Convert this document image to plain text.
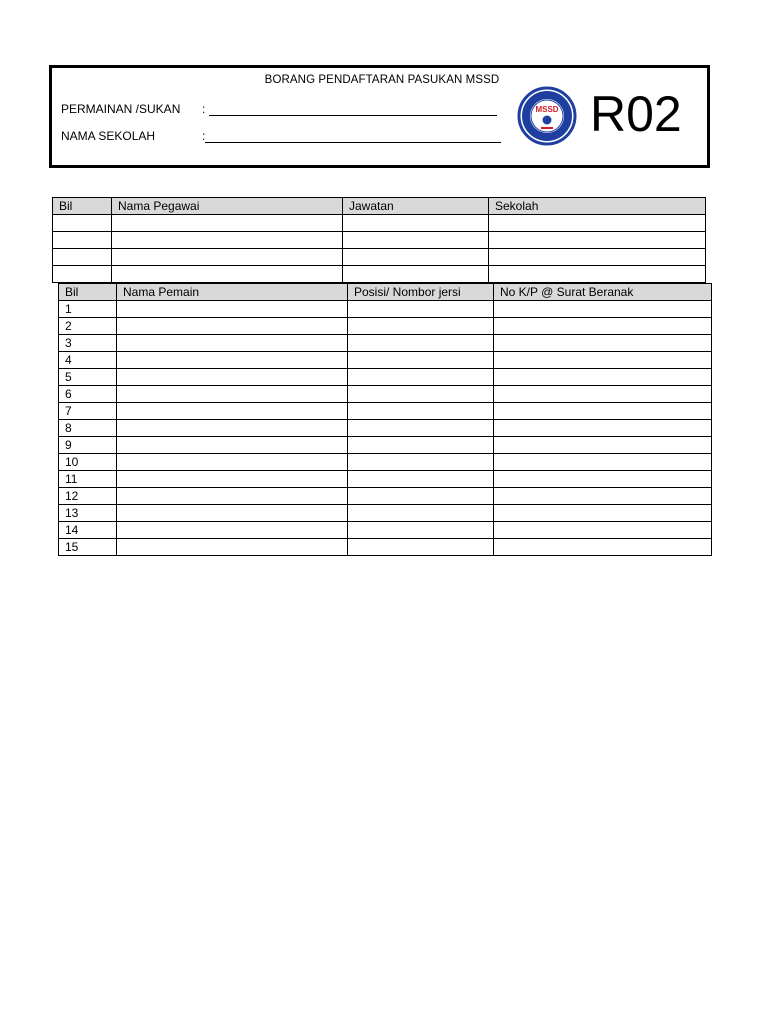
BORANG PENDAFTARAN PASUKAN MSSD
PERMAINAN /SUKAN :
NAMA SEKOLAH	:
MSSD R02
Bil	Nama Pegawai	Jawatan	Sekolah

Bil	Nama Pemain	Posisi/ Nombor jersi	No K/P @ Surat Beranak
1			
2			
3			
4			
5			
6			
7			
8			
9			
10			
11			
12			
13			
14			
15			
